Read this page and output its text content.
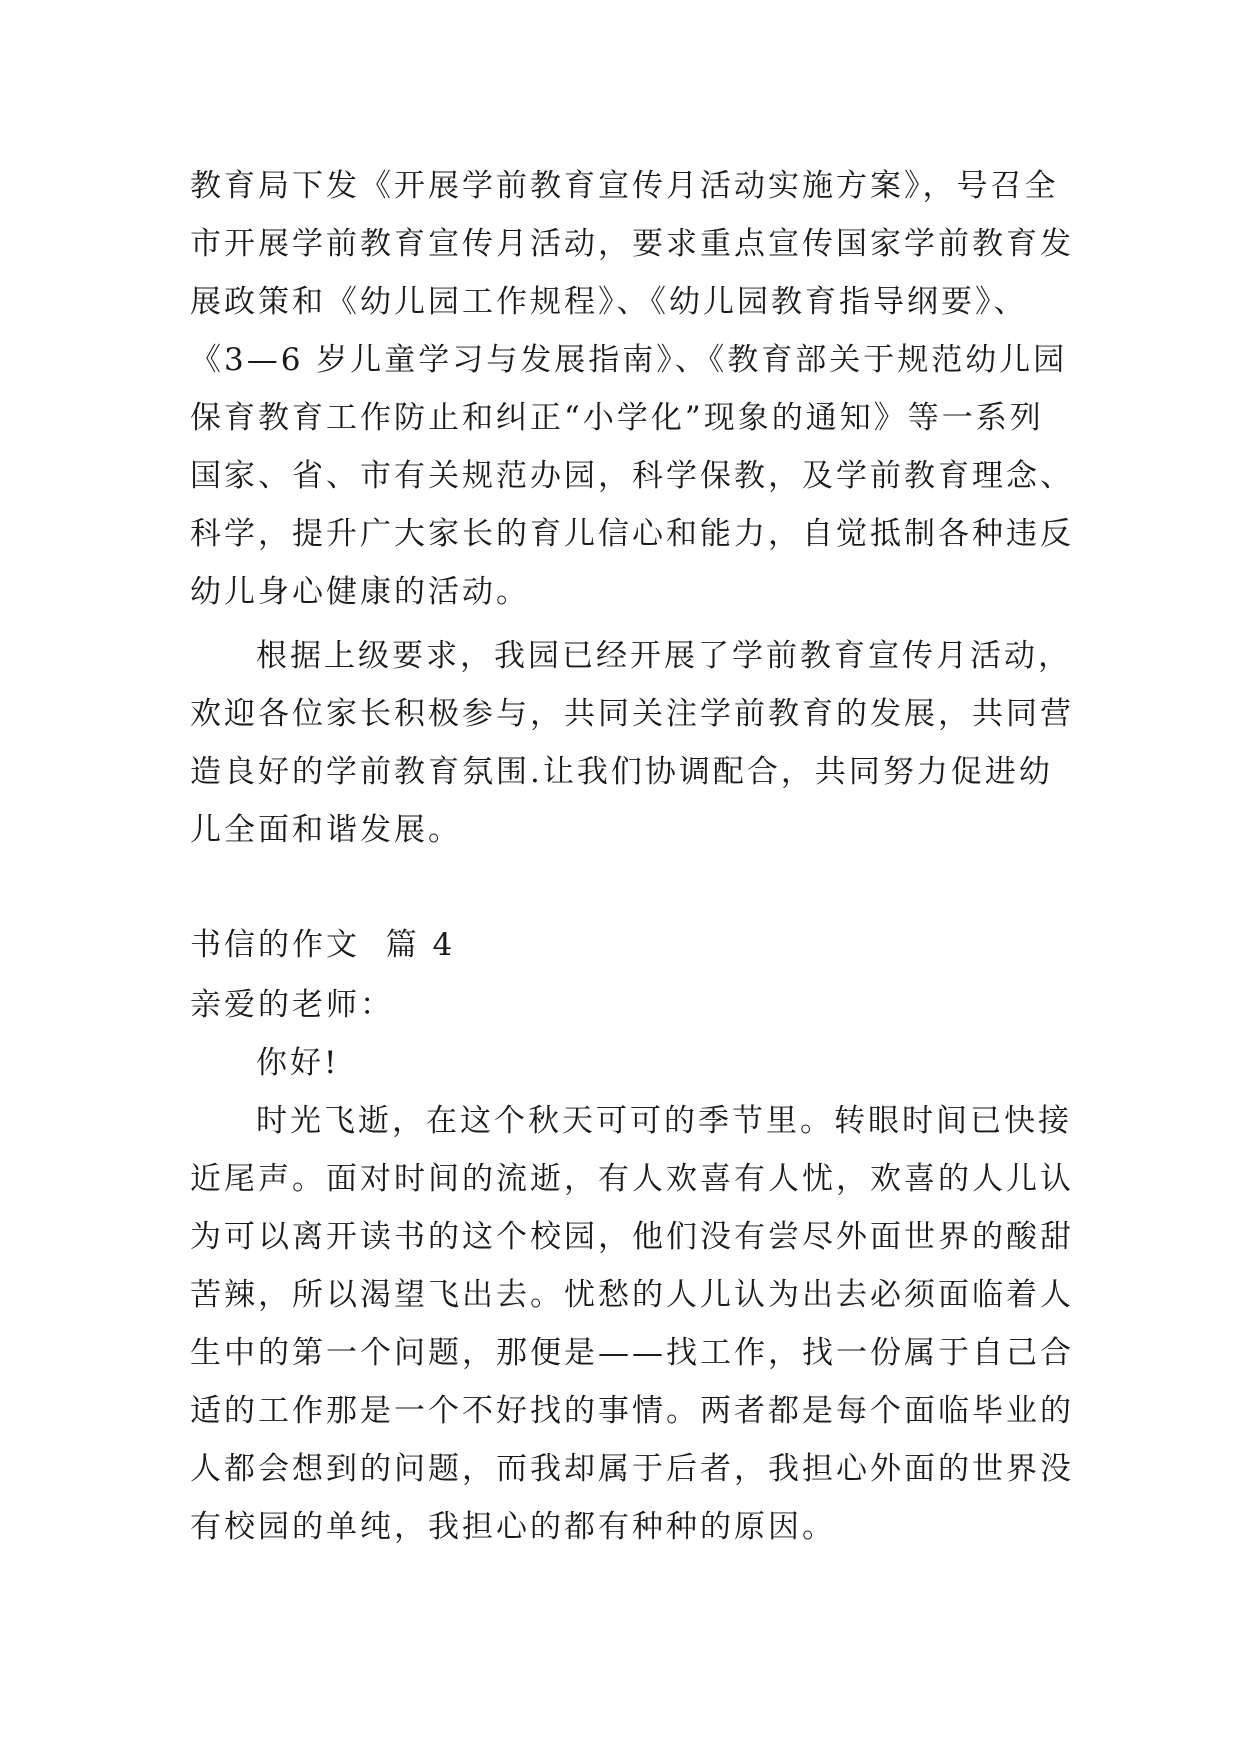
教育局下发《开展学前教育宣传月活动实施方案》，号召全
市开展学前教育宣传月活动，要求重点宣传国家学前教育发
展政策和《幼儿园工作规程》、《幼儿园教育指导纲要》、
《3—6 岁儿童学习与发展指南》、《教育部关于规范幼儿园
保育教育工作防止和纠正“小学化”现象的通知》等一系列
国家、省、市有关规范办园，科学保教，及学前教育理念、
科学，提升广大家长的育儿信心和能力，自觉抵制各种违反
幼儿身心健康的活动。
根据上级要求，我园已经开展了学前教育宣传月活动，
欢迎各位家长积极参与，共同关注学前教育的发展，共同营
造良好的学前教育氛围.让我们协调配合，共同努力促进幼
儿全面和谐发展。
书信的作文  篇 4
亲爱的老师：
你好!
时光飞逝，在这个秋天可可的季节里。转眼时间已快接
近尾声。面对时间的流逝，有人欢喜有人忧，欢喜的人儿认
为可以离开读书的这个校园，他们没有尝尽外面世界的酸甜
苦辣，所以渴望飞出去。忧愁的人儿认为出去必须面临着人
生中的第一个问题，那便是——找工作，找一份属于自己合
适的工作那是一个不好找的事情。两者都是每个面临毕业的
人都会想到的问题，而我却属于后者，我担心外面的世界没
有校园的单纯，我担心的都有种种的原因。
